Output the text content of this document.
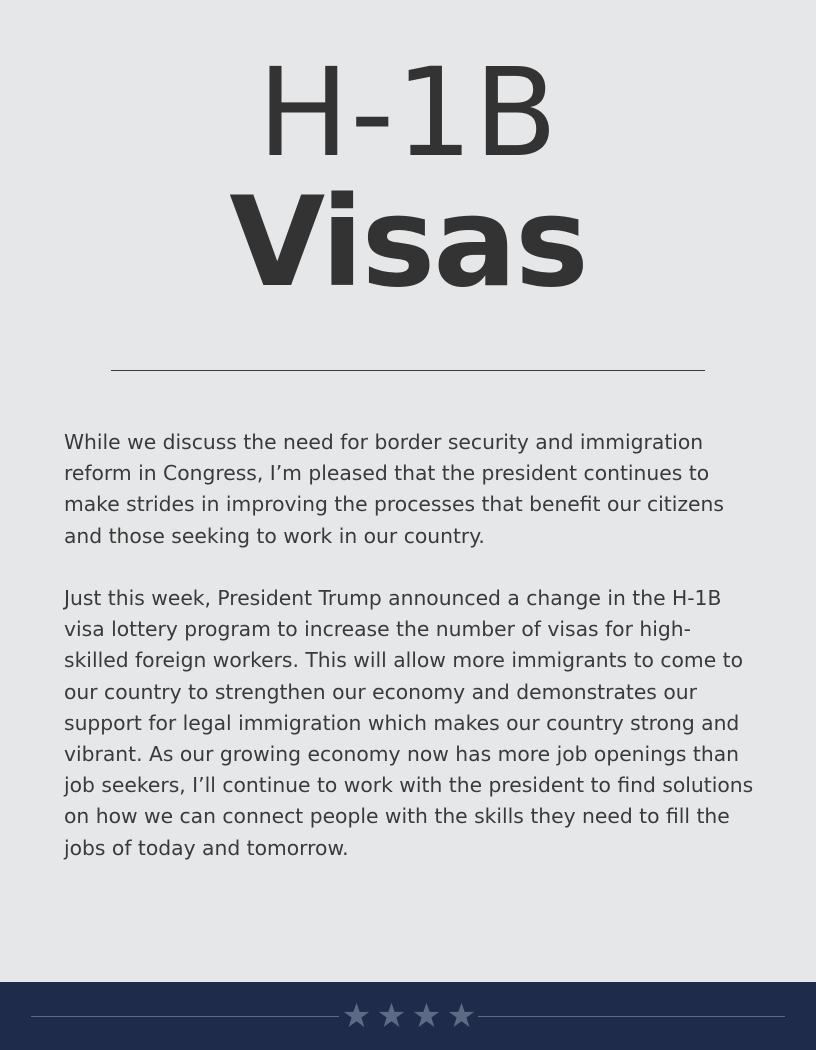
H-1B
Visas

While we discuss the need for border security and immigration reform in Congress, I’m pleased that the president continues to make strides in improving the processes that benefit our citizens and those seeking to work in our country.

Just this week, President Trump announced a change in the H-1B visa lottery program to increase the number of visas for high-skilled foreign workers. This will allow more immigrants to come to our country to strengthen our economy and demonstrates our support for legal immigration which makes our country strong and vibrant. As our growing economy now has more job openings than job seekers, I’ll continue to work with the president to find solutions on how we can connect people with the skills they need to fill the jobs of today and tomorrow.
